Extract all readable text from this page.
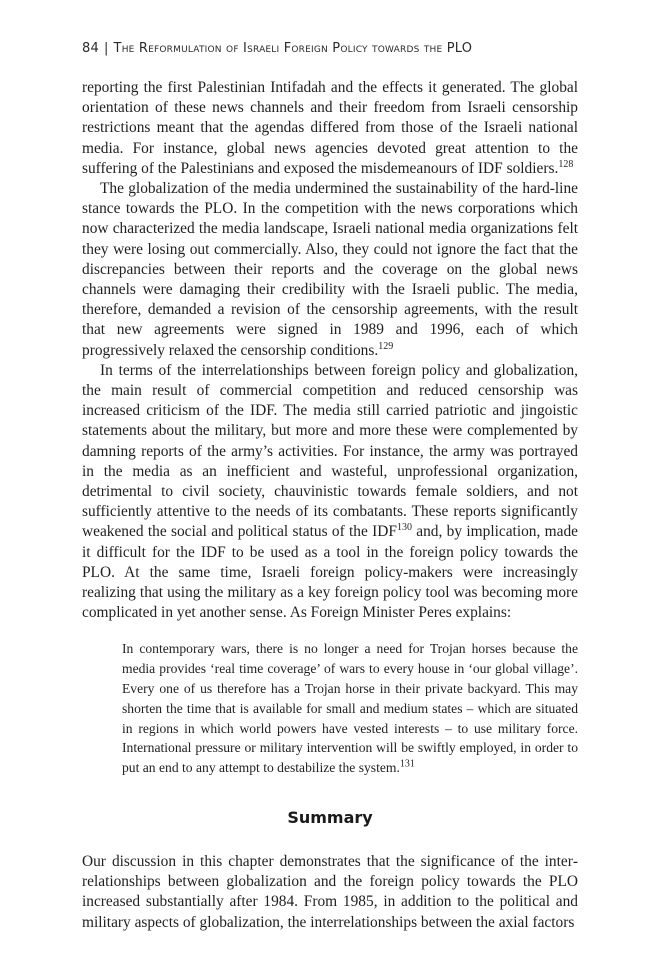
84 | The Reformulation of Israeli Foreign Policy towards the PLO

reporting the first Palestinian Intifadah and the effects it generated. The global orientation of these news channels and their freedom from Israeli censorship restrictions meant that the agendas differed from those of the Israeli national media. For instance, global news agencies devoted great attention to the suffering of the Palestinians and exposed the misdemeanours of IDF soldiers.$^{128}$

The globalization of the media undermined the sustainability of the hard-line stance towards the PLO. In the competition with the news corporations which now characterized the media landscape, Israeli national media organizations felt they were losing out commercially. Also, they could not ignore the fact that the discrepancies between their reports and the coverage on the global news channels were damaging their credibility with the Israeli public. The media, therefore, demanded a revision of the censorship agreements, with the result that new agreements were signed in 1989 and 1996, each of which progressively relaxed the censorship conditions.$^{129}$

In terms of the interrelationships between foreign policy and globalization, the main result of commercial competition and reduced censorship was increased criticism of the IDF. The media still carried patriotic and jingoistic statements about the military, but more and more these were complemented by damning reports of the army’s activities. For instance, the army was portrayed in the media as an inefficient and wasteful, unprofessional organization, detrimental to civil society, chauvinistic towards female soldiers, and not sufficiently attentive to the needs of its combatants. These reports significantly weakened the social and political status of the IDF$^{130}$ and, by implication, made it difficult for the IDF to be used as a tool in the foreign policy towards the PLO. At the same time, Israeli foreign policy-makers were increasingly realizing that using the military as a key foreign policy tool was becoming more complicated in yet another sense. As Foreign Minister Peres explains:

In contemporary wars, there is no longer a need for Trojan horses because the media provides ‘real time coverage’ of wars to every house in ‘our global village’. Every one of us therefore has a Trojan horse in their private backyard. This may shorten the time that is available for small and medium states – which are situated in regions in which world powers have vested interests – to use military force. International pressure or military intervention will be swiftly employed, in order to put an end to any attempt to destabilize the system.$^{131}$
Summary

Our discussion in this chapter demonstrates that the significance of the interrelationships between globalization and the foreign policy towards the PLO increased substantially after 1984. From 1985, in addition to the political and military aspects of globalization, the interrelationships between the axial factors
